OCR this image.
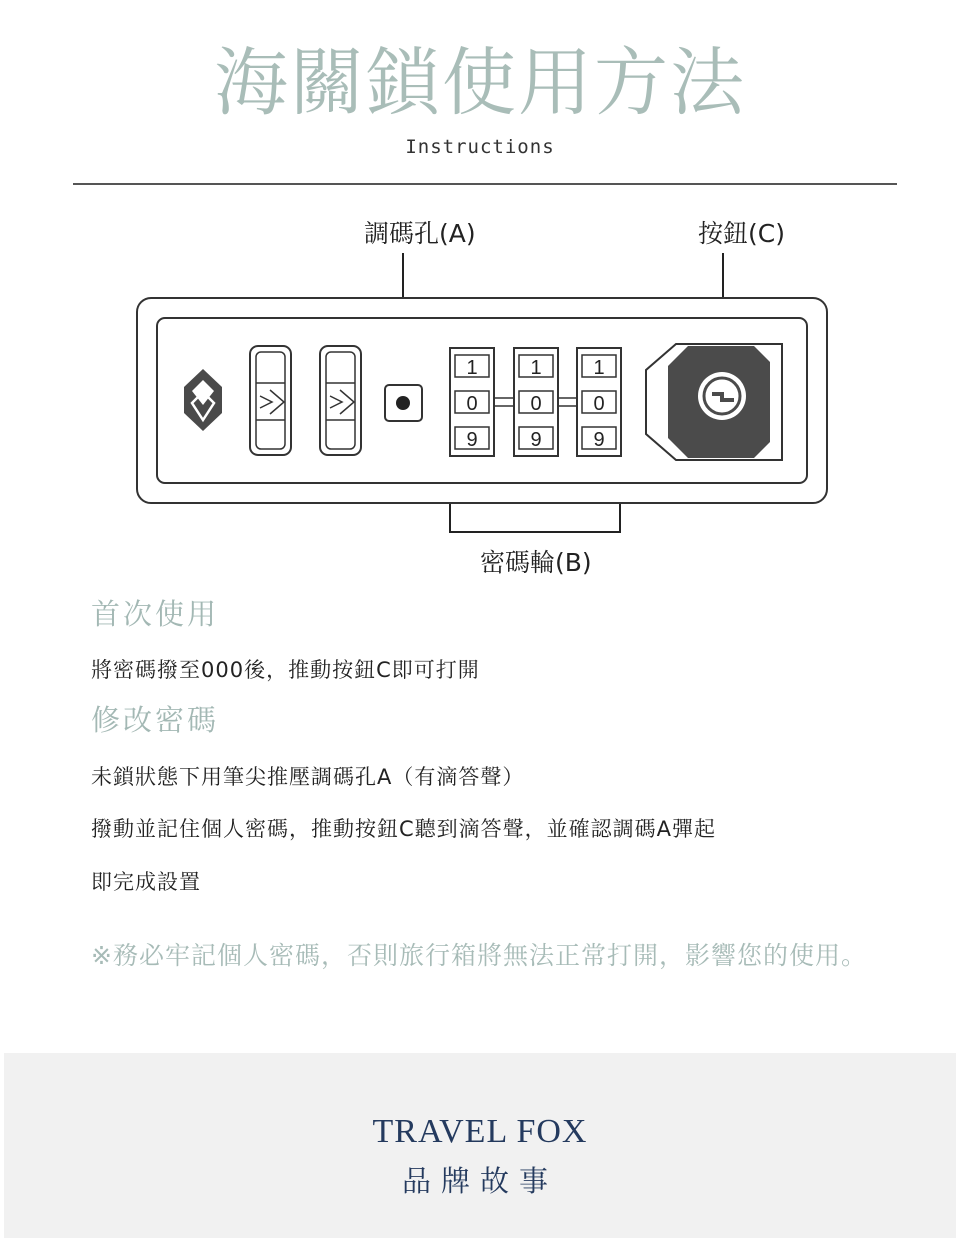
海關鎖使用方法
Instructions
調碼孔(A)	按鈕(C)
密碼輪(B)
1
0
9
1
0
9
1
0
9
首次使用
將密碼撥至000後，推動按鈕C即可打開
修改密碼
未鎖狀態下用筆尖推壓調碼孔A（有滴答聲）
撥動並記住個人密碼，推動按鈕C聽到滴答聲，並確認調碼A彈起
即完成設置
※務必牢記個人密碼，否則旅行箱將無法正常打開，影響您的使用。
TRAVEL FOX
品牌故事
